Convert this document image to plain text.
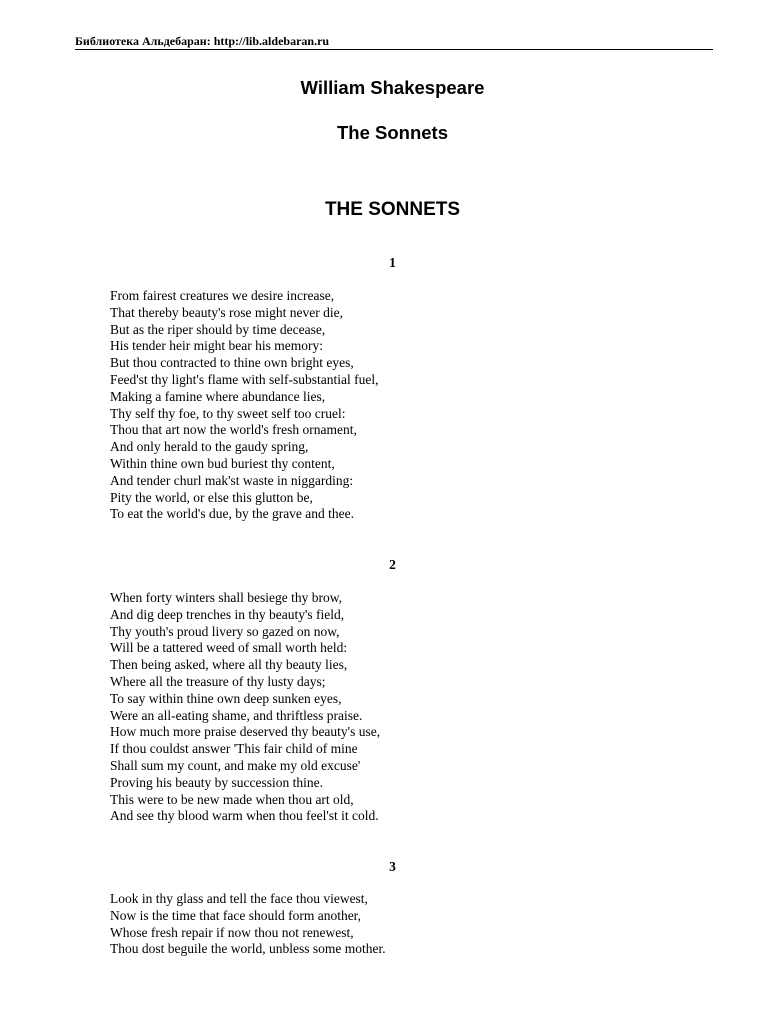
Библиотека Альдебаран: http://lib.aldebaran.ru
William Shakespeare
The Sonnets
THE SONNETS
1
From fairest creatures we desire increase,
That thereby beauty's rose might never die,
But as the riper should by time decease,
His tender heir might bear his memory:
But thou contracted to thine own bright eyes,
Feed'st thy light's flame with self-substantial fuel,
Making a famine where abundance lies,
Thy self thy foe, to thy sweet self too cruel:
Thou that art now the world's fresh ornament,
And only herald to the gaudy spring,
Within thine own bud buriest thy content,
And tender churl mak'st waste in niggarding:
Pity the world, or else this glutton be,
To eat the world's due, by the grave and thee.
2
When forty winters shall besiege thy brow,
And dig deep trenches in thy beauty's field,
Thy youth's proud livery so gazed on now,
Will be a tattered weed of small worth held:
Then being asked, where all thy beauty lies,
Where all the treasure of thy lusty days;
To say within thine own deep sunken eyes,
Were an all-eating shame, and thriftless praise.
How much more praise deserved thy beauty's use,
If thou couldst answer 'This fair child of mine
Shall sum my count, and make my old excuse'
Proving his beauty by succession thine.
This were to be new made when thou art old,
And see thy blood warm when thou feel'st it cold.
3
Look in thy glass and tell the face thou viewest,
Now is the time that face should form another,
Whose fresh repair if now thou not renewest,
Thou dost beguile the world, unbless some mother.
